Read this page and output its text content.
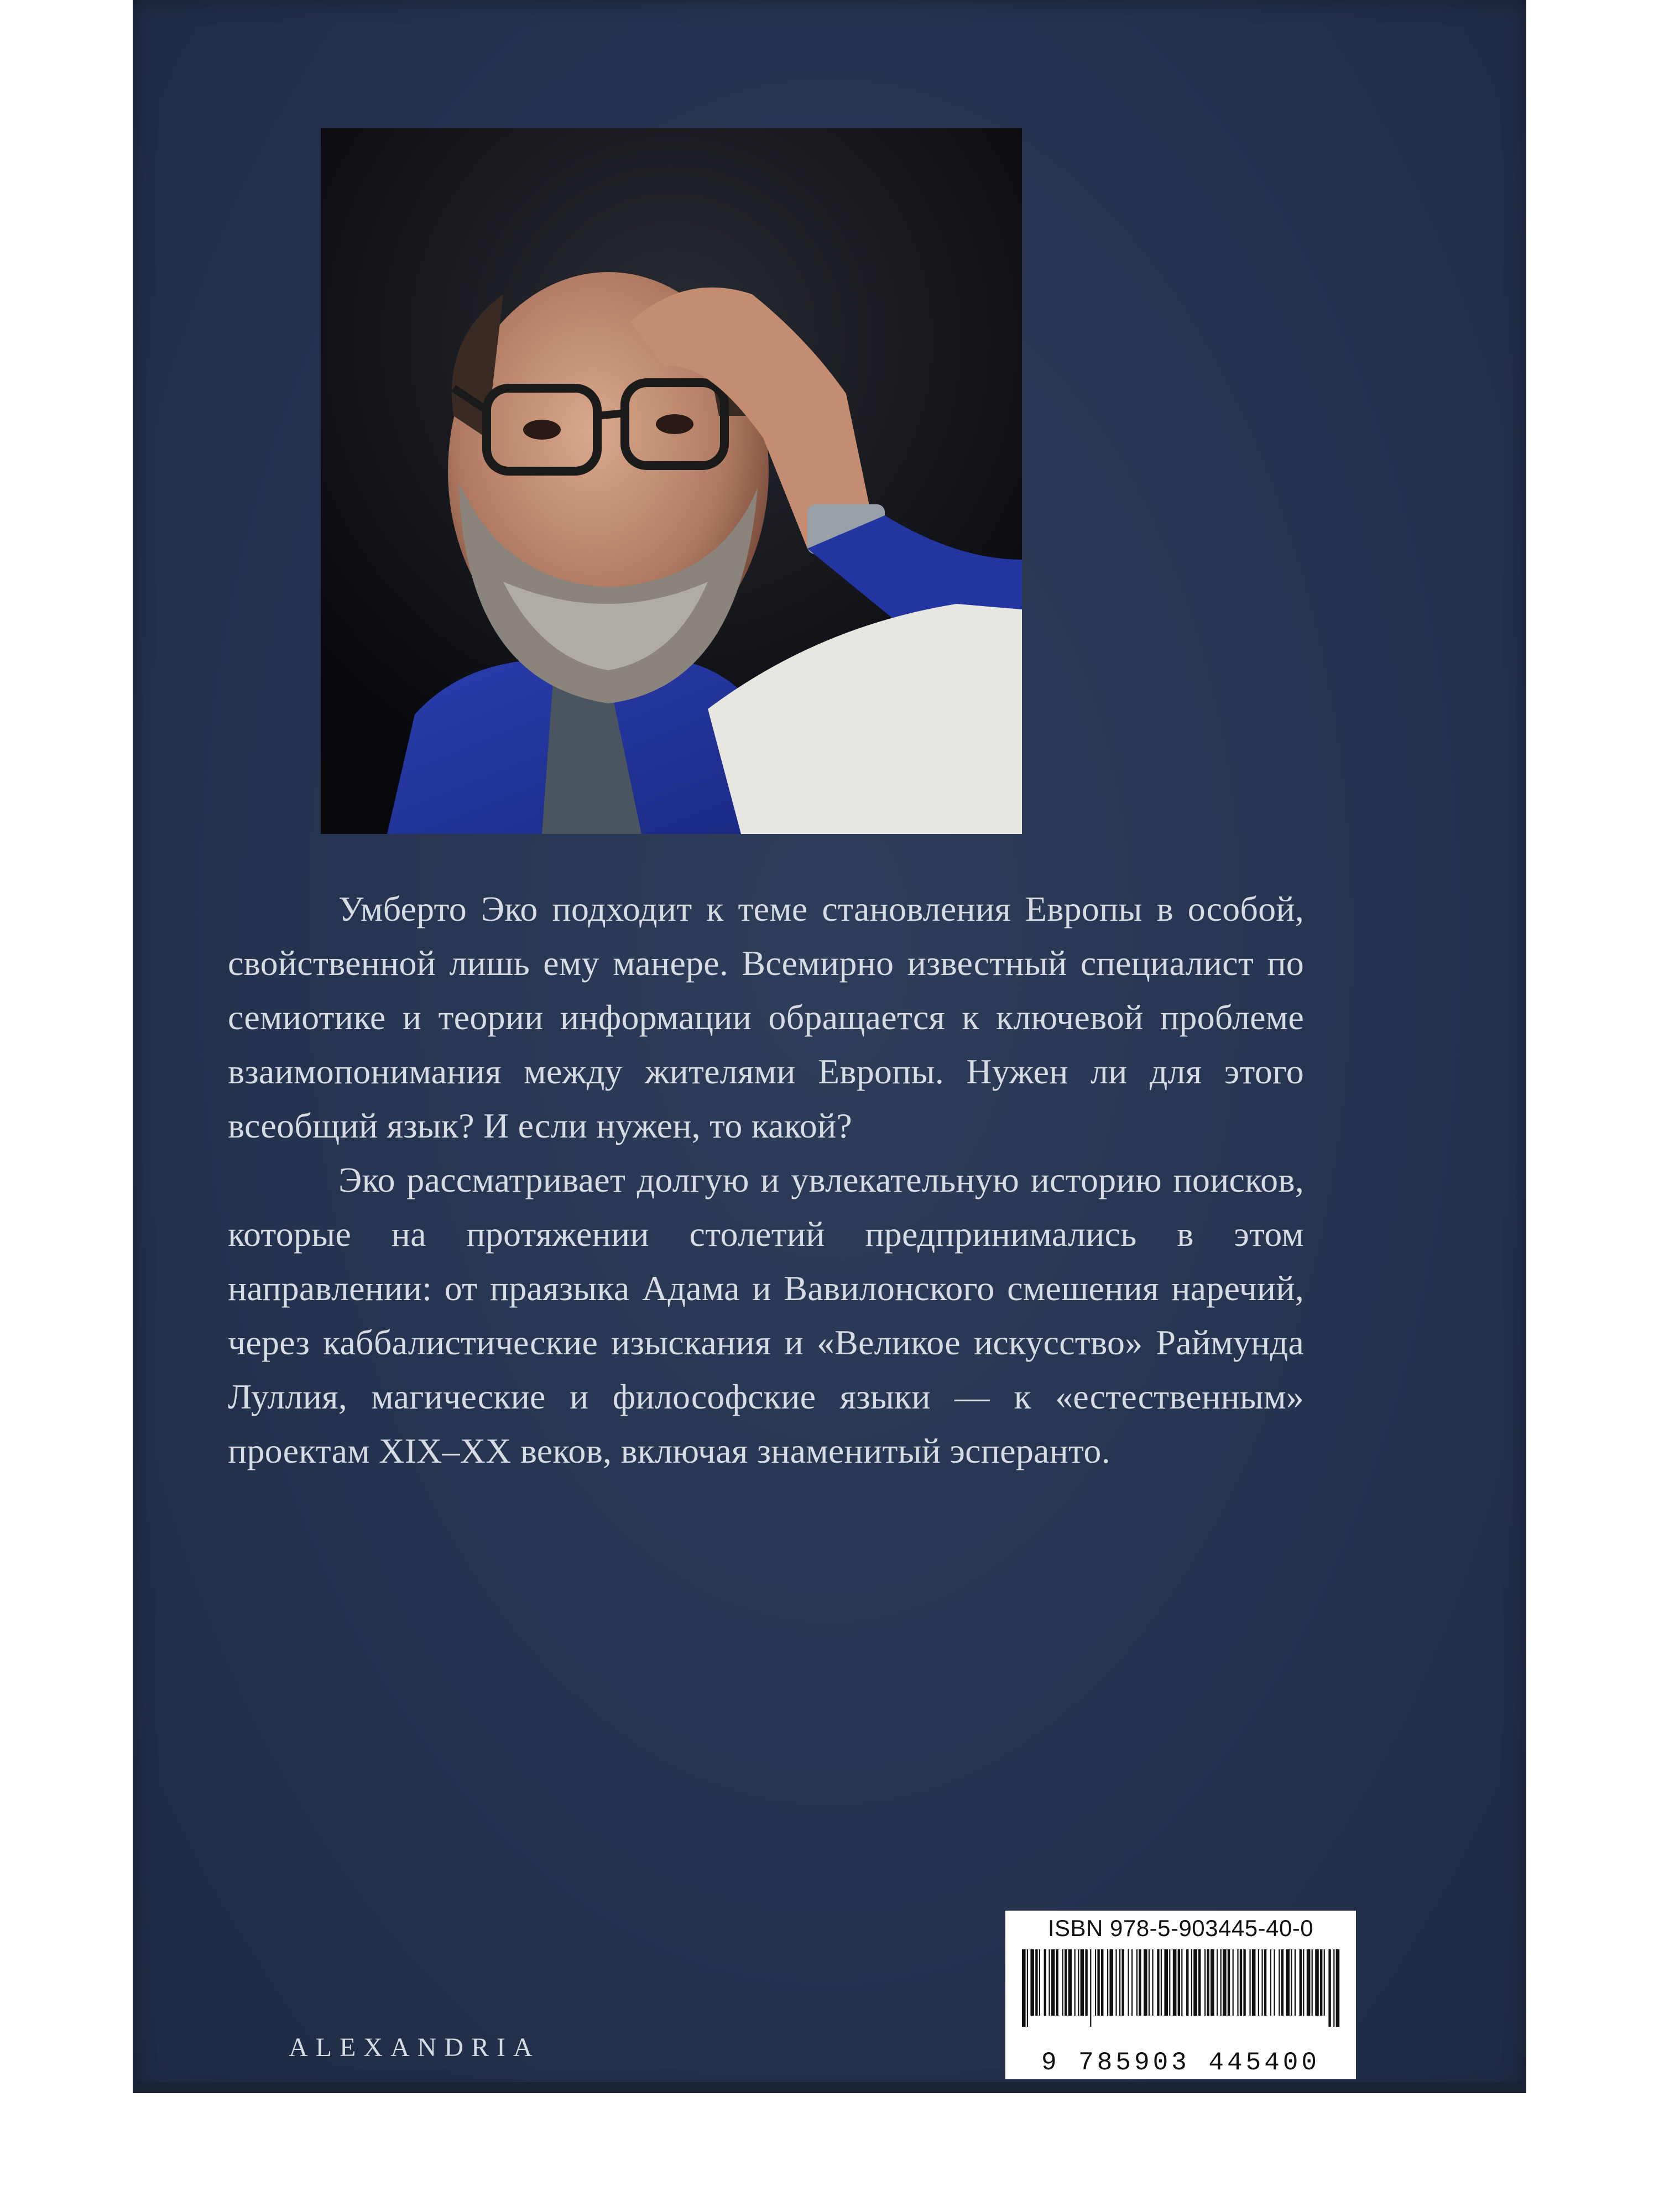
Умберто Эко подходит к теме становления Европы в особой, свойственной лишь ему манере. Всемирно известный специалист по семиотике и теории информации обращается к ключевой проблеме взаимопонимания между жителями Европы. Нужен ли для этого всеобщий язык? И если нужен, то какой?

Эко рассматривает долгую и увлекательную историю поисков, которые на протяжении столетий предпринимались в этом направлении: от праязыка Адама и Вавилонского смешения наречий, через каббалистические изыскания и «Великое искусство» Раймунда Луллия, магические и философские языки — к «естественным» проектам XIX–XX веков, включая знаменитый эсперанто.

ISBN 978-5-903445-40-0
9 785903 445400
ALEXANDRIA
